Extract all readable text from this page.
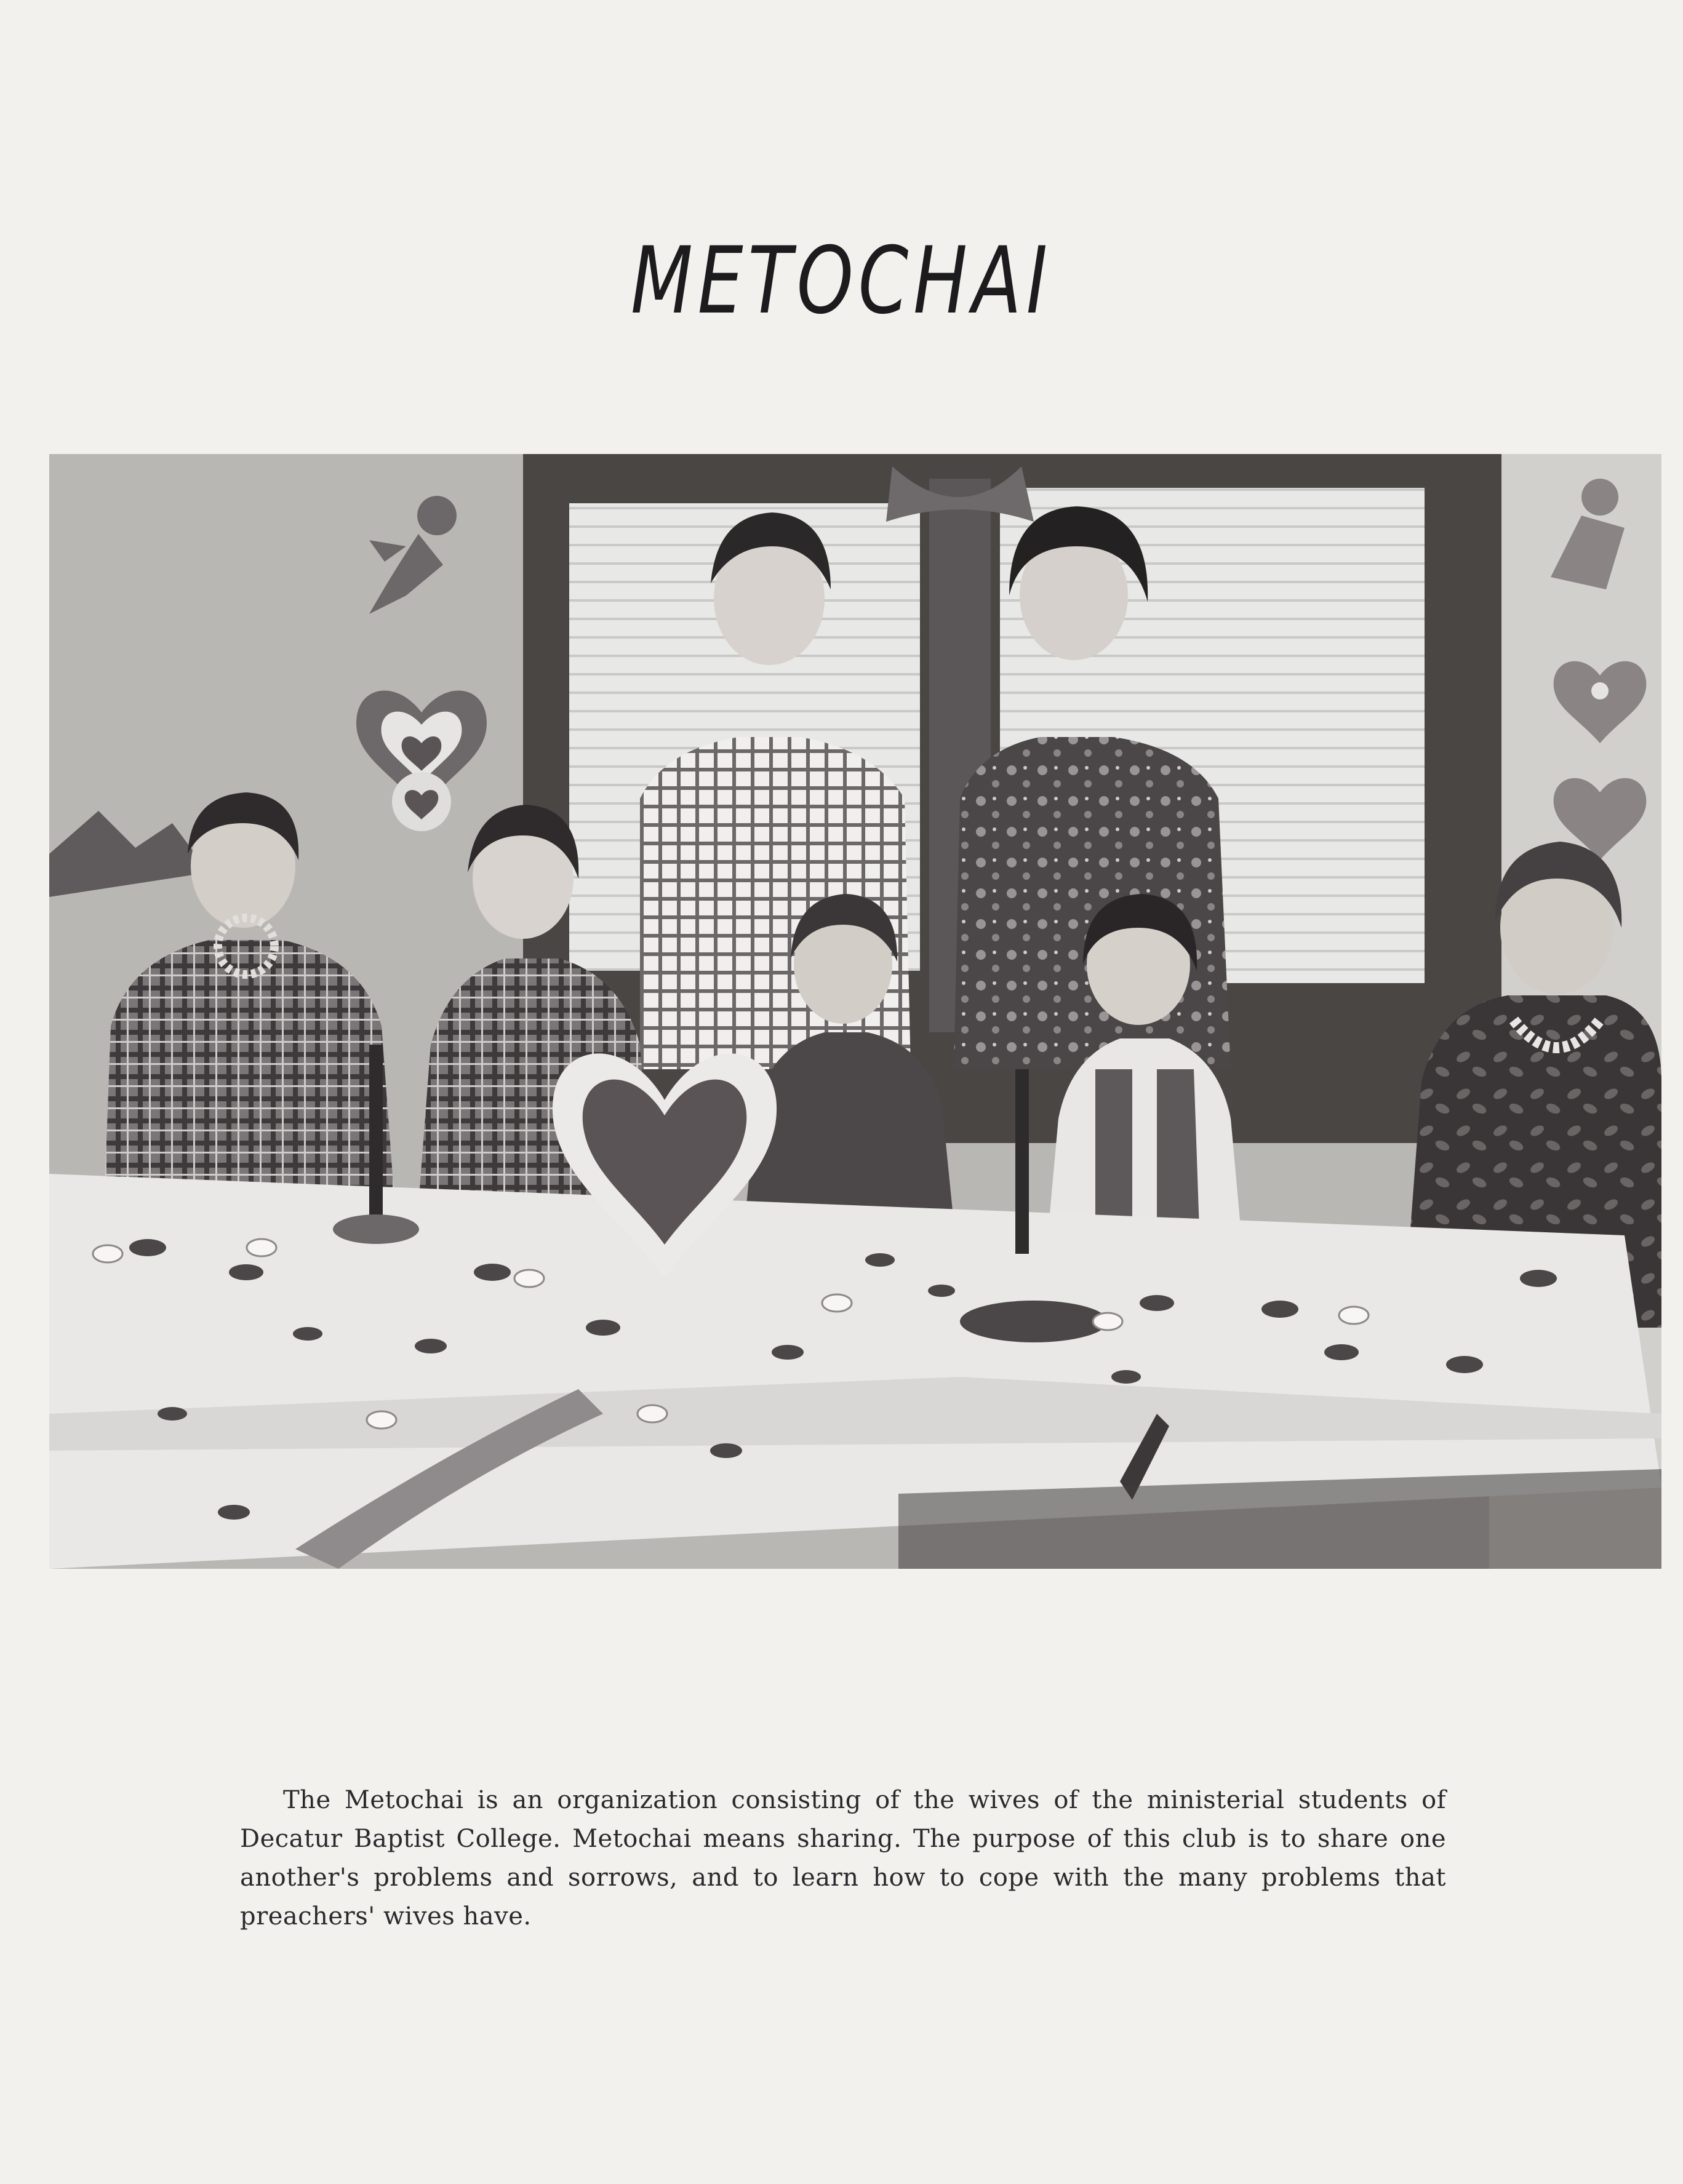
METOCHAI

The Metochai is an organization consisting of the wives of the ministerial students of Decatur Baptist College. Metochai means sharing. The purpose of this club is to share one another's problems and sorrows, and to learn how to cope with the many problems that preachers' wives have.
